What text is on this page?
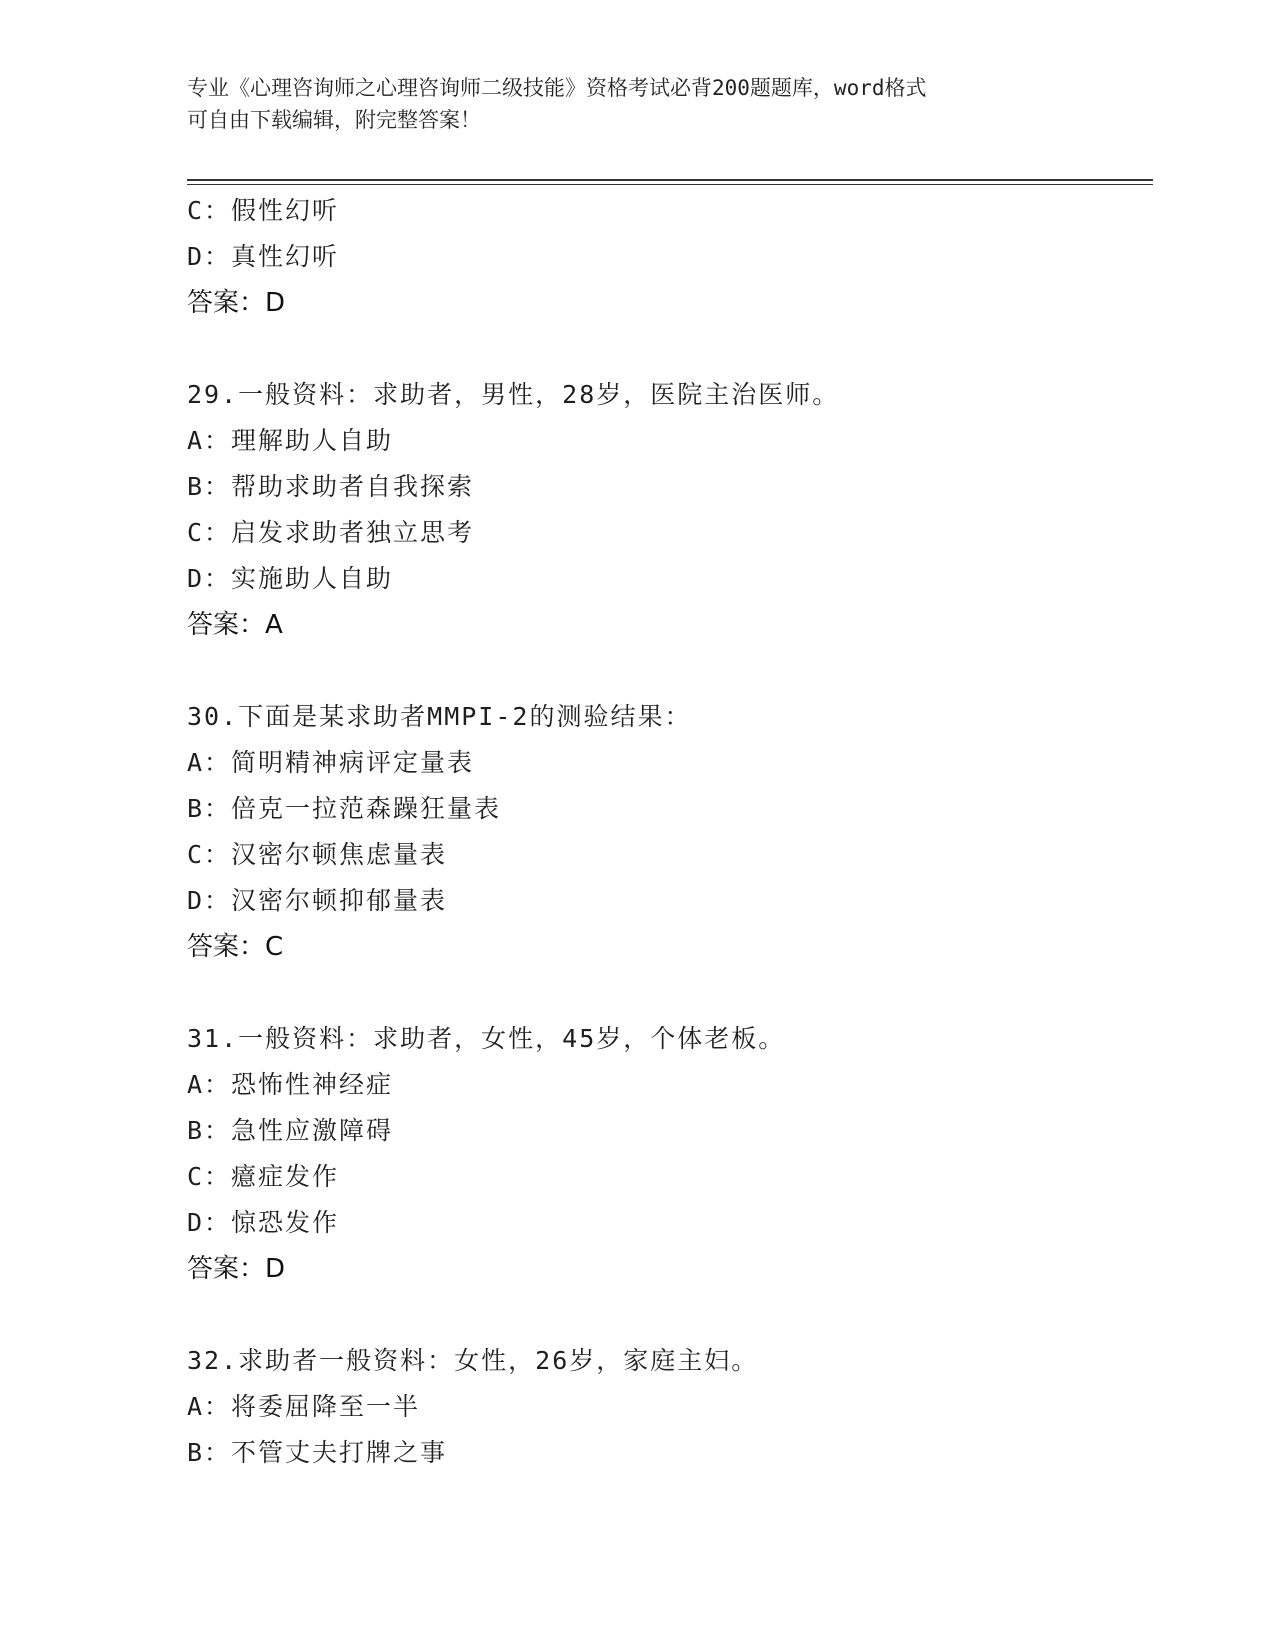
专业《心理咨询师之心理咨询师二级技能》资格考试必背200题题库，word格式
可自由下载编辑，附完整答案！
C：假性幻听
D：真性幻听
答案：D
29.一般资料：求助者，男性，28岁，医院主治医师。
A：理解助人自助
B：帮助求助者自我探索
C：启发求助者独立思考
D：实施助人自助
答案：A
30.下面是某求助者MMPI-2的测验结果：
A：简明精神病评定量表
B：倍克一拉范森躁狂量表
C：汉密尔顿焦虑量表
D：汉密尔顿抑郁量表
答案：C
31.一般资料：求助者，女性，45岁，个体老板。
A：恐怖性神经症
B：急性应激障碍
C：癔症发作
D：惊恐发作
答案：D
32.求助者一般资料：女性，26岁，家庭主妇。
A：将委屈降至一半
B：不管丈夫打牌之事
